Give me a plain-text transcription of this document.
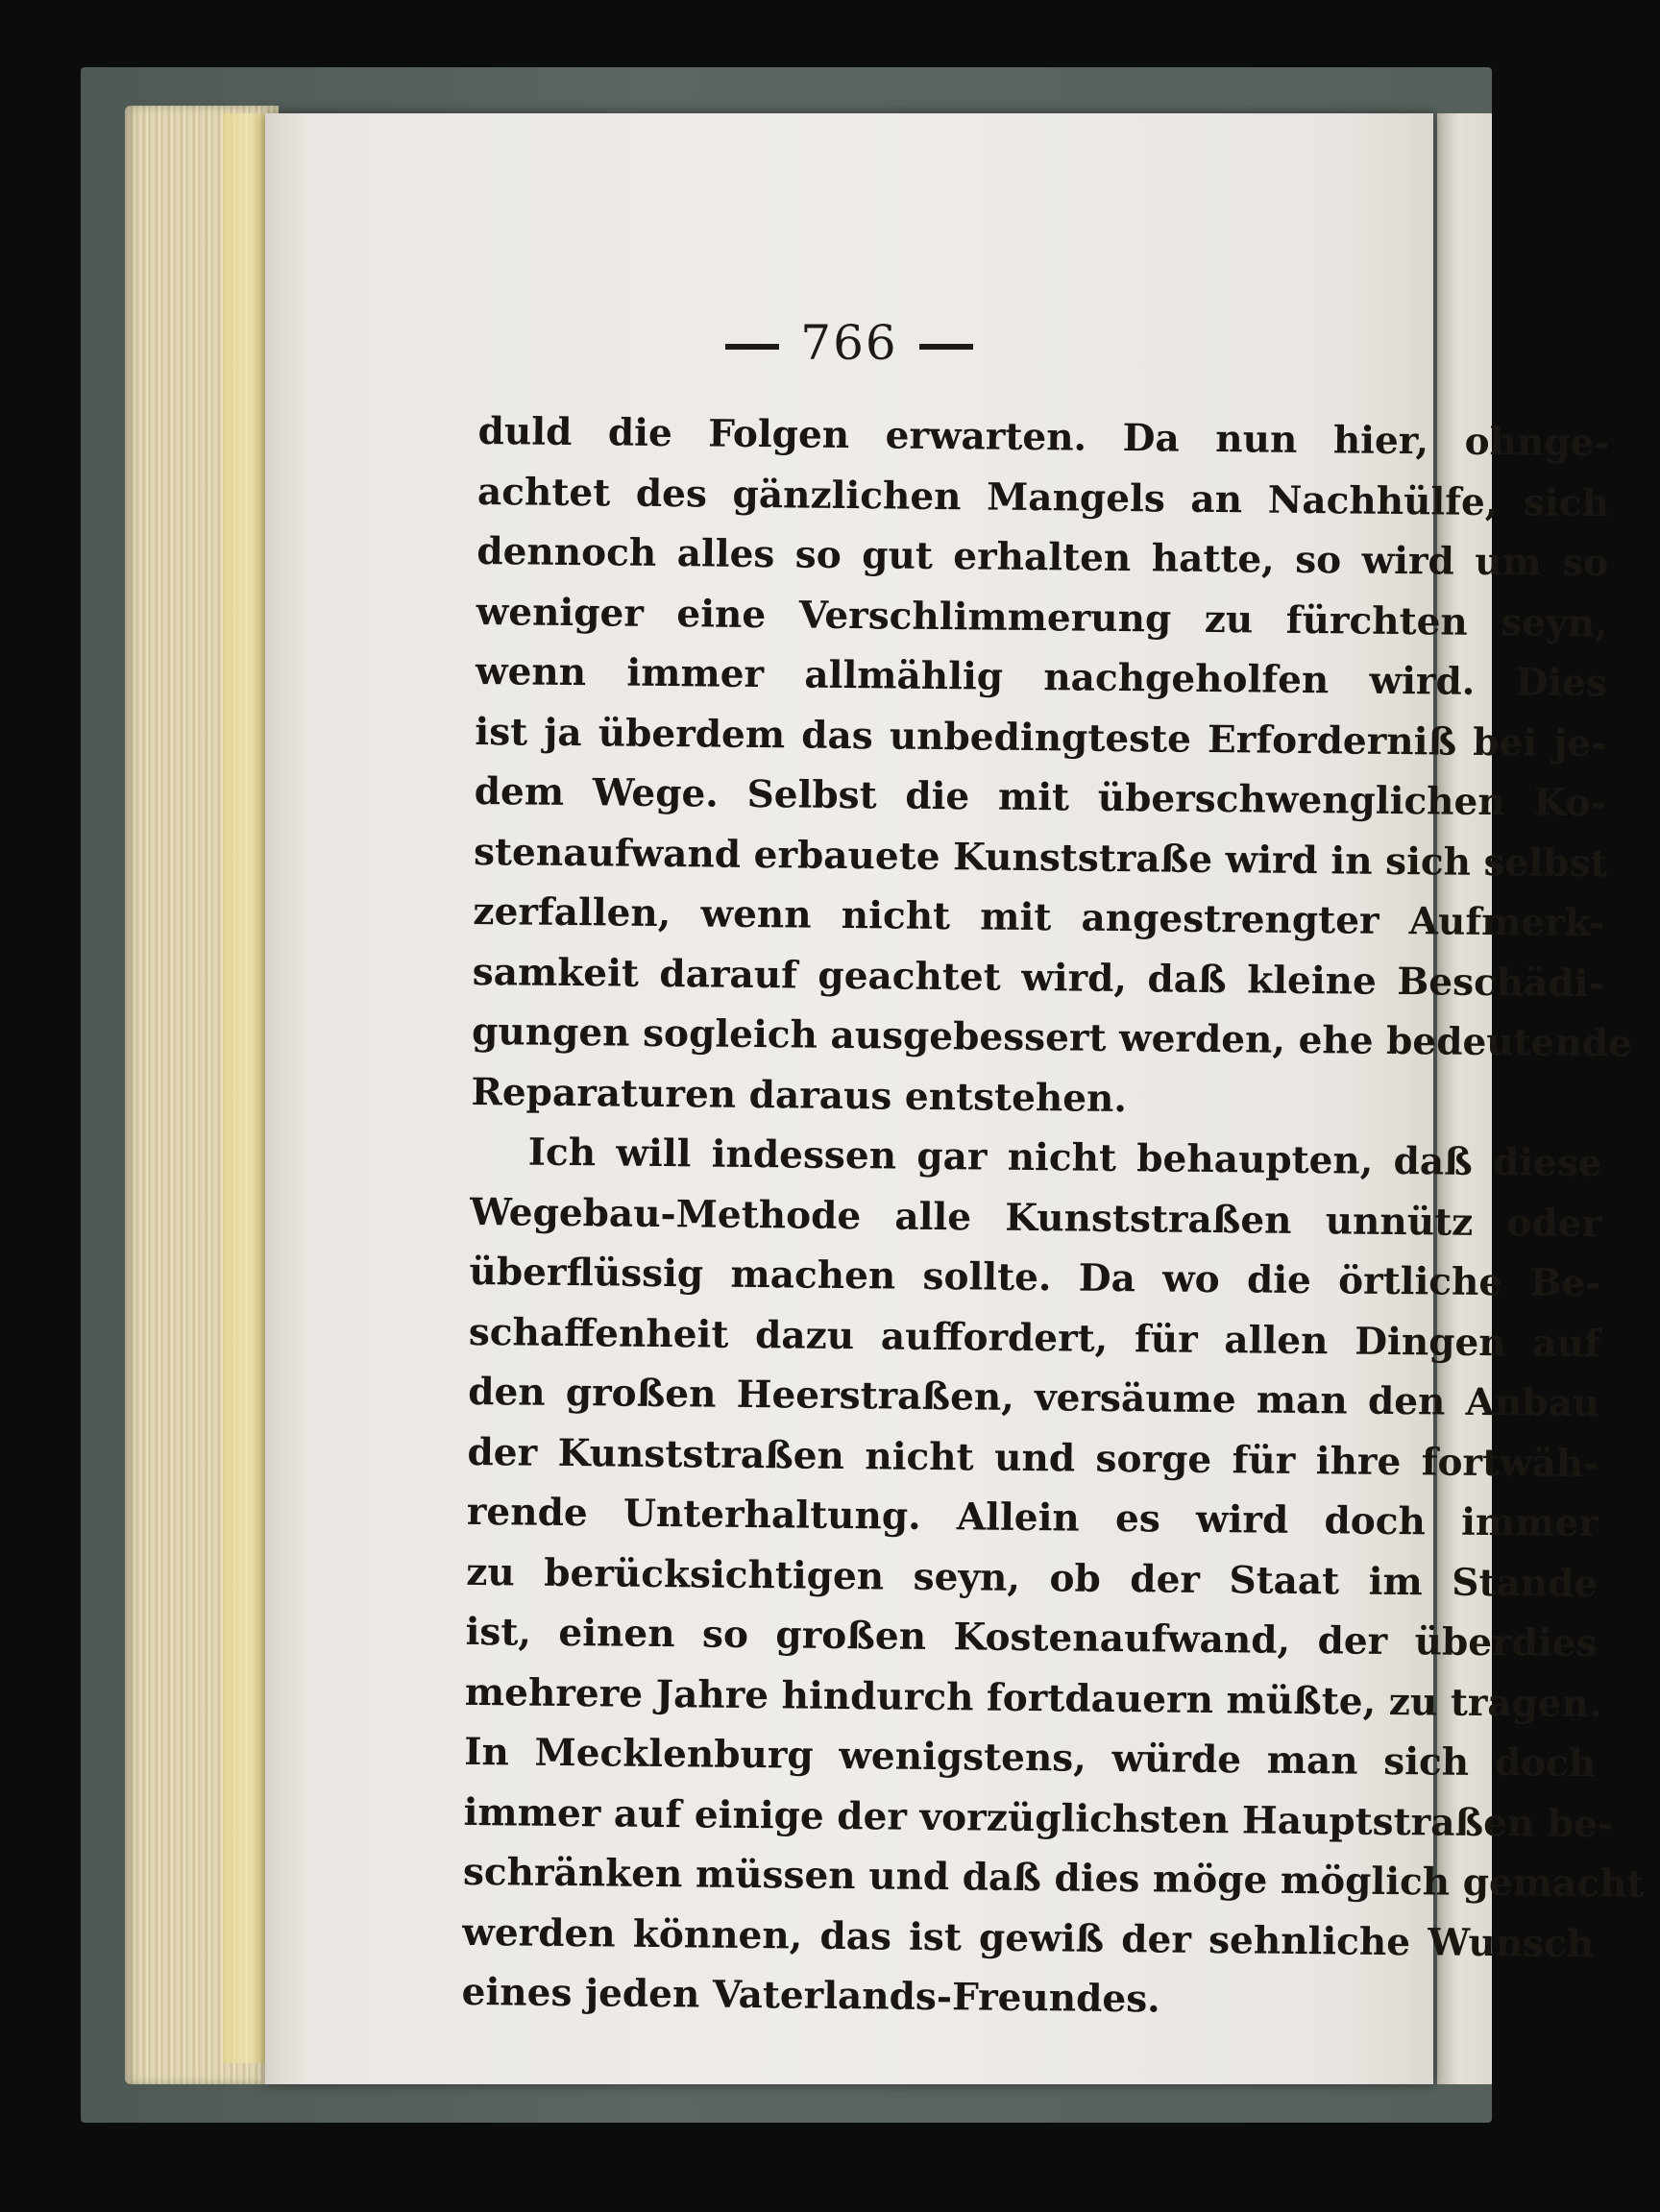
766
duld die Folgen erwarten. Da nun hier, ohnge-
achtet des gänzlichen Mangels an Nachhülfe, sich
dennoch alles so gut erhalten hatte, so wird um so
weniger eine Verschlimmerung zu fürchten seyn,
wenn immer allmählig nachgeholfen wird. Dies
ist ja überdem das unbedingteste Erforderniß bei je-
dem Wege. Selbst die mit überschwenglichen Ko-
stenaufwand erbauete Kunststraße wird in sich selbst
zerfallen, wenn nicht mit angestrengter Aufmerk-
samkeit darauf geachtet wird, daß kleine Beschädi-
gungen sogleich ausgebessert werden, ehe bedeutende
Reparaturen daraus entstehen.
Ich will indessen gar nicht behaupten, daß diese
Wegebau-Methode alle Kunststraßen unnütz oder
überflüssig machen sollte. Da wo die örtliche Be-
schaffenheit dazu auffordert, für allen Dingen auf
den großen Heerstraßen, versäume man den Anbau
der Kunststraßen nicht und sorge für ihre fortwäh-
rende Unterhaltung. Allein es wird doch immer
zu berücksichtigen seyn, ob der Staat im Stande
ist, einen so großen Kostenaufwand, der überdies
mehrere Jahre hindurch fortdauern müßte, zu tragen.
In Mecklenburg wenigstens, würde man sich doch
immer auf einige der vorzüglichsten Hauptstraßen be-
schränken müssen und daß dies möge möglich gemacht
werden können, das ist gewiß der sehnliche Wunsch
eines jeden Vaterlands-Freundes.
